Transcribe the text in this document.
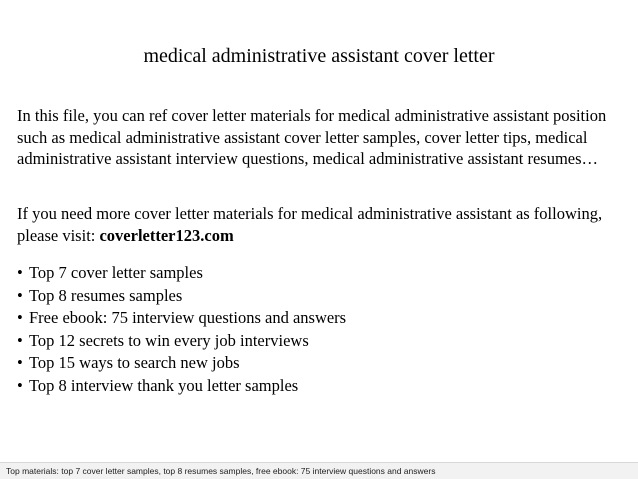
medical administrative assistant cover letter
In this file, you can ref cover letter materials for medical administrative assistant position such as medical administrative assistant cover letter samples, cover letter tips, medical administrative assistant interview questions, medical administrative assistant resumes…
If you need more cover letter materials for medical administrative assistant as following, please visit: coverletter123.com
• Top 7 cover letter samples
• Top 8 resumes samples
• Free ebook: 75 interview questions and answers
• Top 12 secrets to win every job interviews
• Top 15 ways to search new jobs
• Top 8 interview thank you letter samples
Top materials: top 7 cover letter samples, top 8 resumes samples, free ebook: 75 interview questions and answers
